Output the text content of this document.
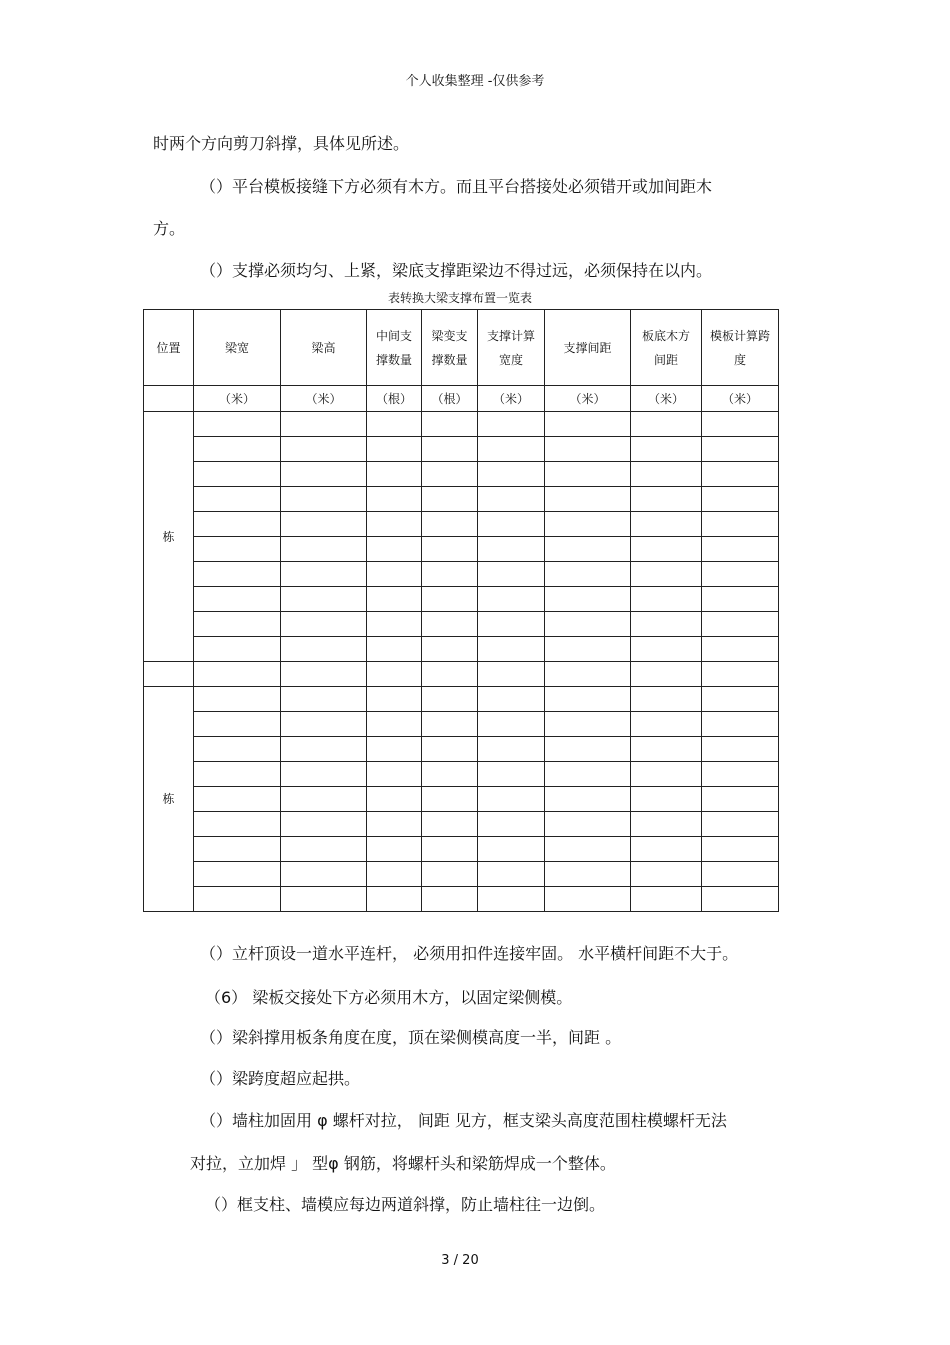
个人收集整理 -仅供参考
时两个方向剪刀斜撑，具体见所述。
（）平台模板接缝下方必须有木方。而且平台搭接处必须错开或加间距木
方。
（）支撑必须均匀、上紧，梁底支撑距梁边不得过远，必须保持在以内。
表转换大梁支撑布置一览表
位置	梁宽	梁高	中间支撑数量	梁变支撑数量	支撑计算宽度	支撑间距	板底木方间距	模板计算跨度
	（米）	（米）	（根）	（根）	（米）	（米）	（米）	（米）
栋								

栋								

（）立杆顶设一道水平连杆， 必须用扣件连接牢固。 水平横杆间距不大于。
（6） 梁板交接处下方必须用木方，以固定梁侧模。
（）梁斜撑用板条角度在度，顶在梁侧模高度一半，间距 。
（）梁跨度超应起拱。
（）墙柱加固用 φ 螺杆对拉， 间距 见方，框支梁头高度范围柱模螺杆无法
对拉，立加焊 」 型φ 钢筋，将螺杆头和梁筋焊成一个整体。
（）框支柱、墙模应每边两道斜撑，防止墙柱往一边倒。
3 / 20
